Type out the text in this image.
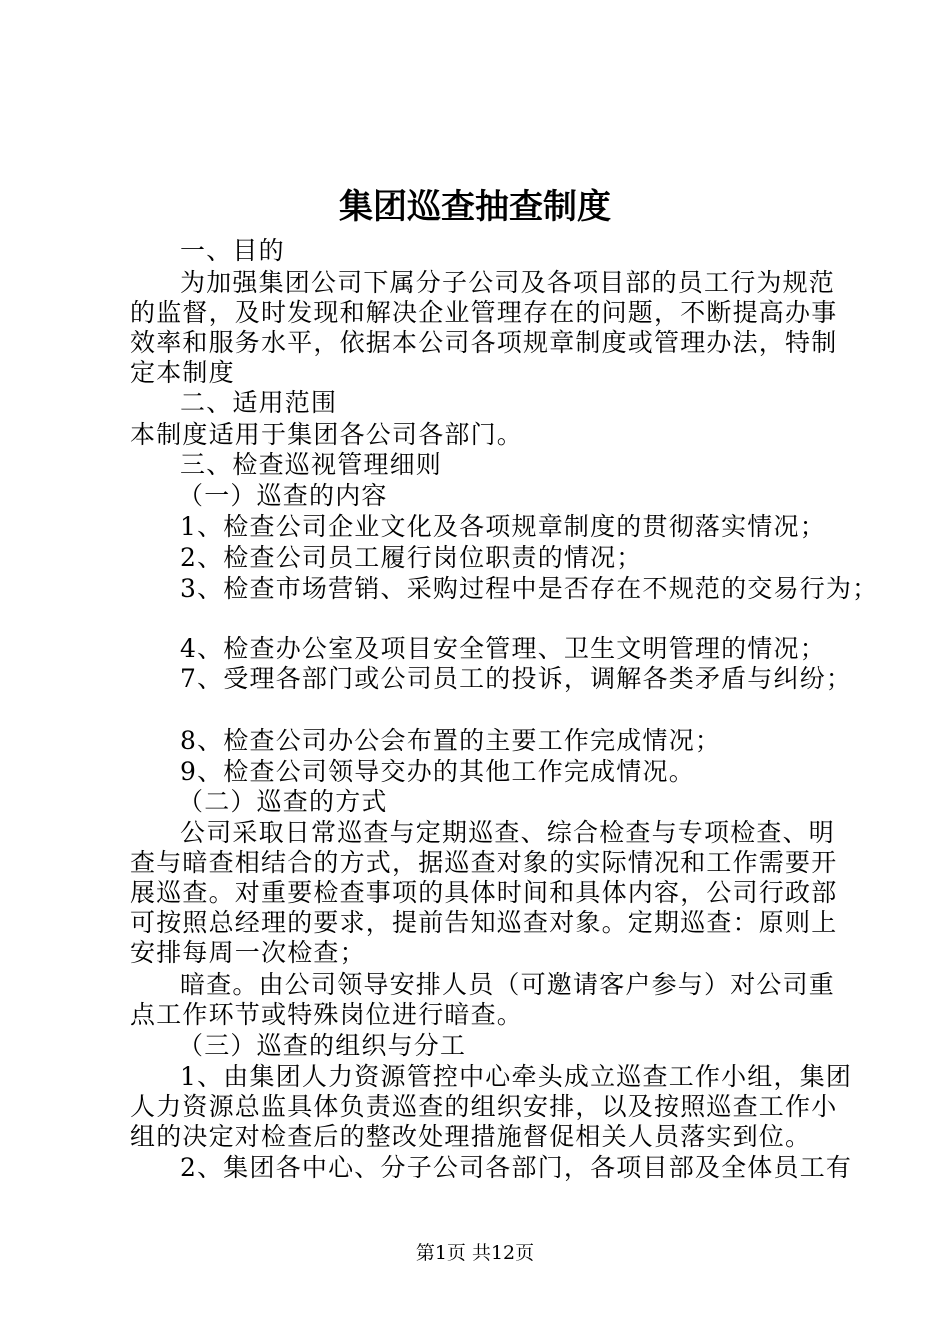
集团巡查抽查制度
一、目的
为加强集团公司下属分子公司及各项目部的员工行为规范
的监督，及时发现和解决企业管理存在的问题，不断提高办事
效率和服务水平，依据本公司各项规章制度或管理办法，特制
定本制度
二、适用范围
本制度适用于集团各公司各部门。
三、检查巡视管理细则
（一）巡查的内容
1、检查公司企业文化及各项规章制度的贯彻落实情况；
2、检查公司员工履行岗位职责的情况；
3、检查市场营销、采购过程中是否存在不规范的交易行为；
4、检查办公室及项目安全管理、卫生文明管理的情况；
7、受理各部门或公司员工的投诉，调解各类矛盾与纠纷；
8、检查公司办公会布置的主要工作完成情况；
9、检查公司领导交办的其他工作完成情况。
（二）巡查的方式
公司采取日常巡查与定期巡查、综合检查与专项检查、明
查与暗查相结合的方式，据巡查对象的实际情况和工作需要开
展巡查。对重要检查事项的具体时间和具体内容，公司行政部
可按照总经理的要求，提前告知巡查对象。定期巡查：原则上
安排每周一次检查；
暗查。由公司领导安排人员（可邀请客户参与）对公司重
点工作环节或特殊岗位进行暗查。
（三）巡查的组织与分工
1、由集团人力资源管控中心牵头成立巡查工作小组，集团
人力资源总监具体负责巡查的组织安排，以及按照巡查工作小
组的决定对检查后的整改处理措施督促相关人员落实到位。
2、集团各中心、分子公司各部门，各项目部及全体员工有
第1页 共12页
